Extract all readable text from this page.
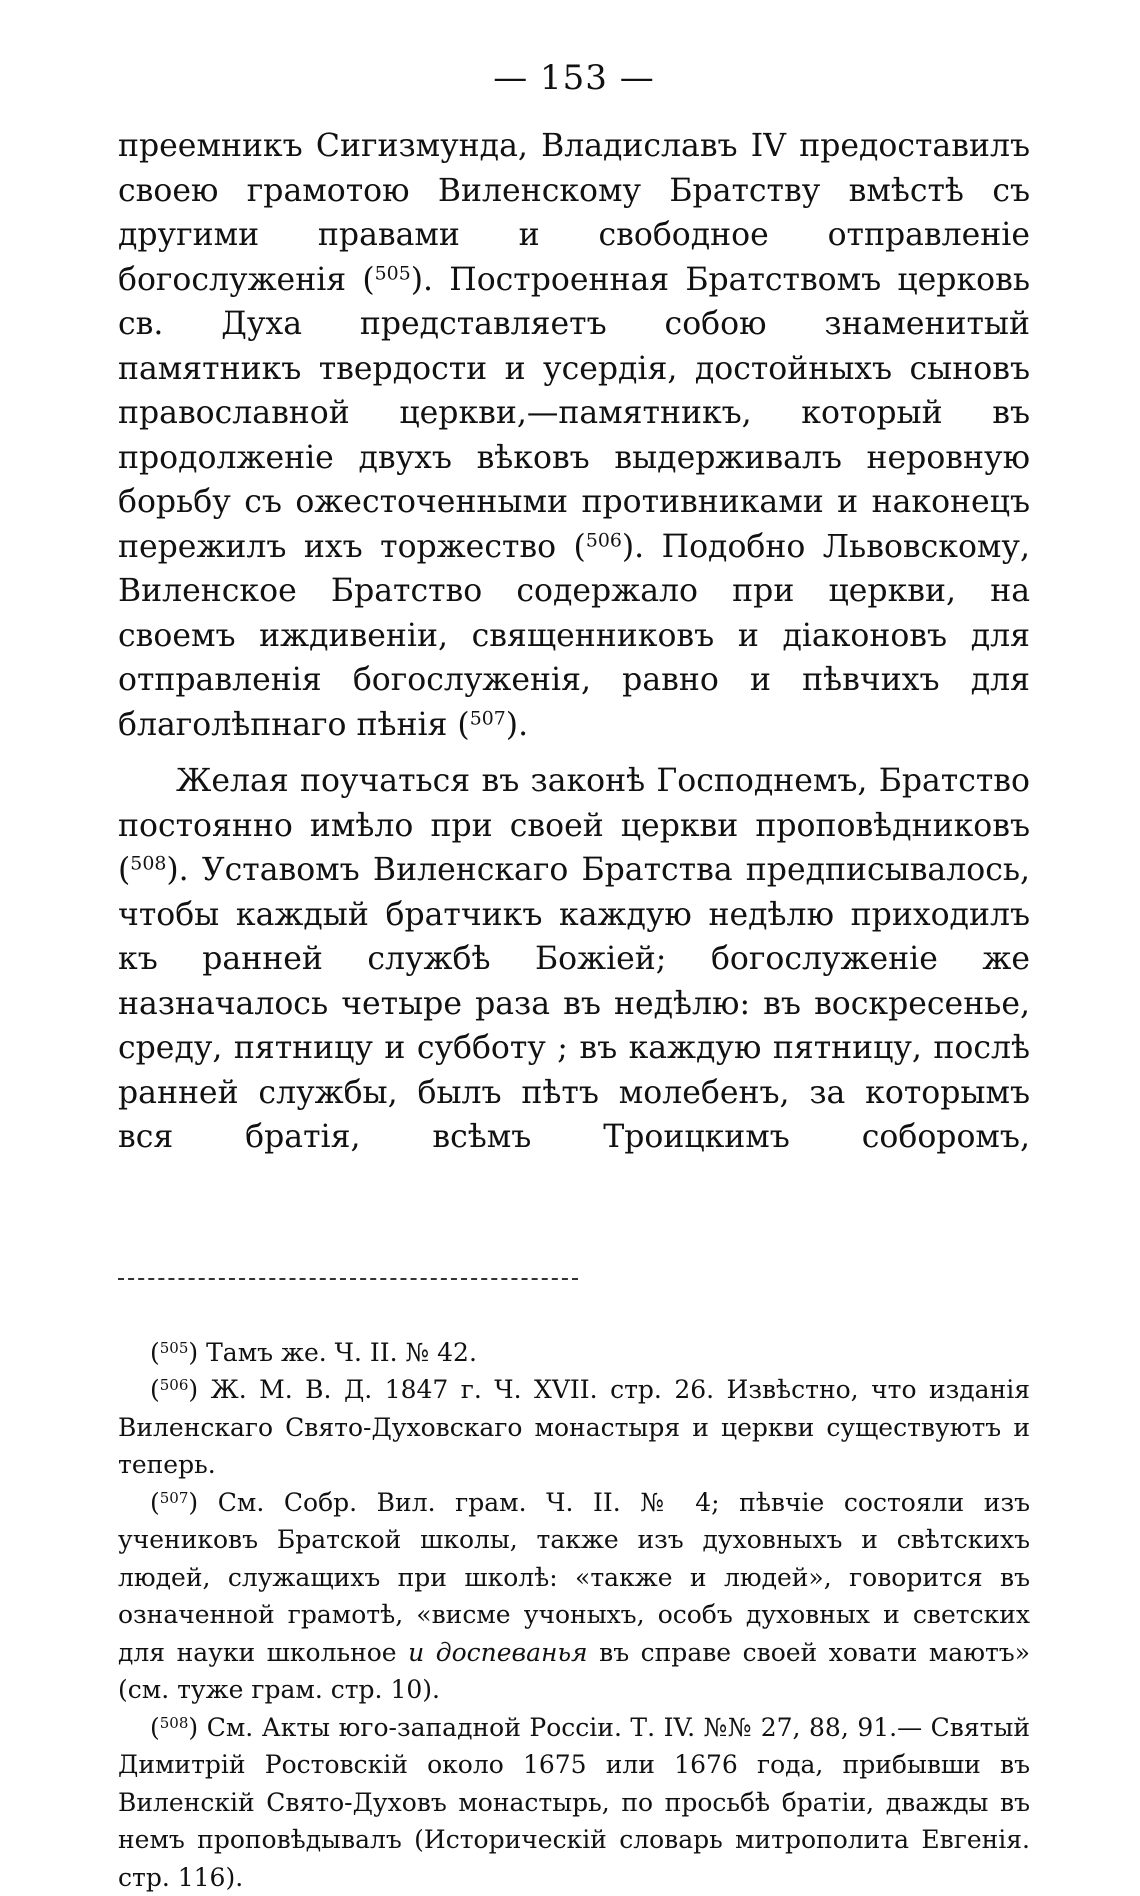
— 153 —

преемникъ Сигизмунда, Владиславъ IV предоставилъ своею грамотою Виленскому Братству вмѣстѣ съ другими правами и свободное отправленіе богослуженія ($^{505}$). Построенная Братствомъ церковь св. Духа представляетъ собою знаменитый памятникъ твердости и усердія, достойныхъ сыновъ православной церкви,—памятникъ, который въ продолженіе двухъ вѣковъ выдерживалъ неровную борьбу съ ожесточенными противниками и наконецъ пережилъ ихъ торжество ($^{506}$). Подобно Львовскому, Виленское Братство содержало при церкви, на своемъ иждивеніи, священниковъ и діаконовъ для отправленія богослуженія, равно и пѣвчихъ для благолѣпнаго пѣнія ($^{507}$).

Желая поучаться въ законѣ Господнемъ, Братство постоянно имѣло при своей церкви проповѣдниковъ ($^{508}$). Уставомъ Виленскаго Братства предписывалось, чтобы каждый братчикъ каждую недѣлю приходилъ къ ранней службѣ Божіей; богослуженіе же назначалось четыре раза въ недѣлю: въ воскресенье, среду, пятницу и субботу ; въ каждую пятницу, послѣ ранней службы, былъ пѣтъ молебенъ, за которымъ вся братія, всѣмъ Троицкимъ соборомъ,

($^{505}$) Тамъ же. Ч. II. № 42.

($^{506}$) Ж. М. В. Д. 1847 г. Ч. XVII. стр. 26. Извѣстно, что изданія Виленскаго Свято-Духовскаго монастыря и церкви существуютъ и теперь.

($^{507}$) См. Собр. Вил. грам. Ч. II. № 4; пѣвчіе состояли изъ учениковъ Братской школы, также изъ духовныхъ и свѣтскихъ людей, служащихъ при школѣ: «также и людей», говорится въ означенной грамотѣ, «висме учоныхъ, особъ духовных и светских для науки школьное и доспеванья въ справе своей ховати маютъ» (см. туже грам. стр. 10).

($^{508}$) См. Акты юго-западной Россіи. Т. IV. №№ 27, 88, 91.— Святый Димитрій Ростовскій около 1675 или 1676 года, прибывши въ Виленскій Свято-Духовъ монастырь, по просьбѣ братіи, дважды въ немъ проповѣдывалъ (Историческій словарь митрополита Евгенія. стр. 116).
